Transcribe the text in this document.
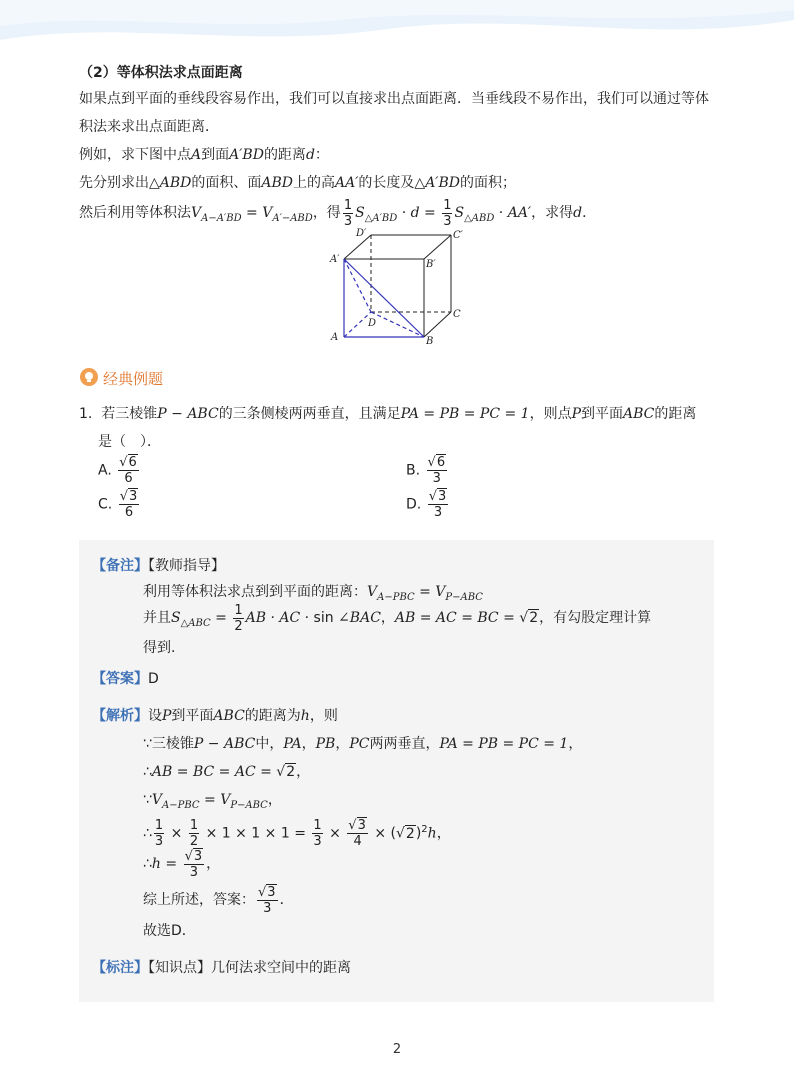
（2）等体积法求点面距离
如果点到平面的垂线段容易作出，我们可以直接求出点面距离．当垂线段不易作出，我们可以通过等体
积法来求出点面距离．
例如，求下图中点A到面A′BD的距离d：
先分别求出△ABD的面积、面ABD上的高AA′的长度及△A′BD的面积；
然后利用等体积法$V_{A-A'BD} = V_{A'-ABD}$，得 $\frac{1}{3} S_{\triangle A'BD} \cdot d = \frac{1}{3} S_{\triangle ABD} \cdot AA'$，求得d．
D′	C′
A′	B′
D
C
A	B
经典例题
1. 若三棱锥P − ABC的三条侧棱两两垂直，且满足PA = PB = PC = 1，则点P到平面ABC的距离
是（　）．
A. $\frac{√6}{6}$	B. $\frac{√6}{3}$
C. $\frac{√3}{6}$	D. $\frac{√3}{3}$
【备注】【教师指导】
利用等体积法求点到到平面的距离：$V_{A-PBC} = V_{P-ABC}$
并且$S_{\triangle ABC} = \frac{1}{2}$ AB · AC · sin ∠BAC，AB = AC = BC = √2，有勾股定理计算
得到.
【答案】D
【解析】设P到平面ABC的距离为h，则
∵三棱锥P − ABC中，PA，PB，PC两两垂直，PA = PB = PC = 1，
∴AB = BC = AC = √2，
$\because V_{A-PBC} = V_{P-ABC}$，
∴ $\frac{1}{3} \times \frac{1}{2} \times 1 \times 1 \times 1 = \frac{1}{3} \times \frac{√3}{4} \times (√2)^2h$，
∴h = $\frac{√3}{3}$ ，
综上所述，答案： $\frac{√3}{3}$ ．
故选D．
【标注】【知识点】几何法求空间中的距离
2
